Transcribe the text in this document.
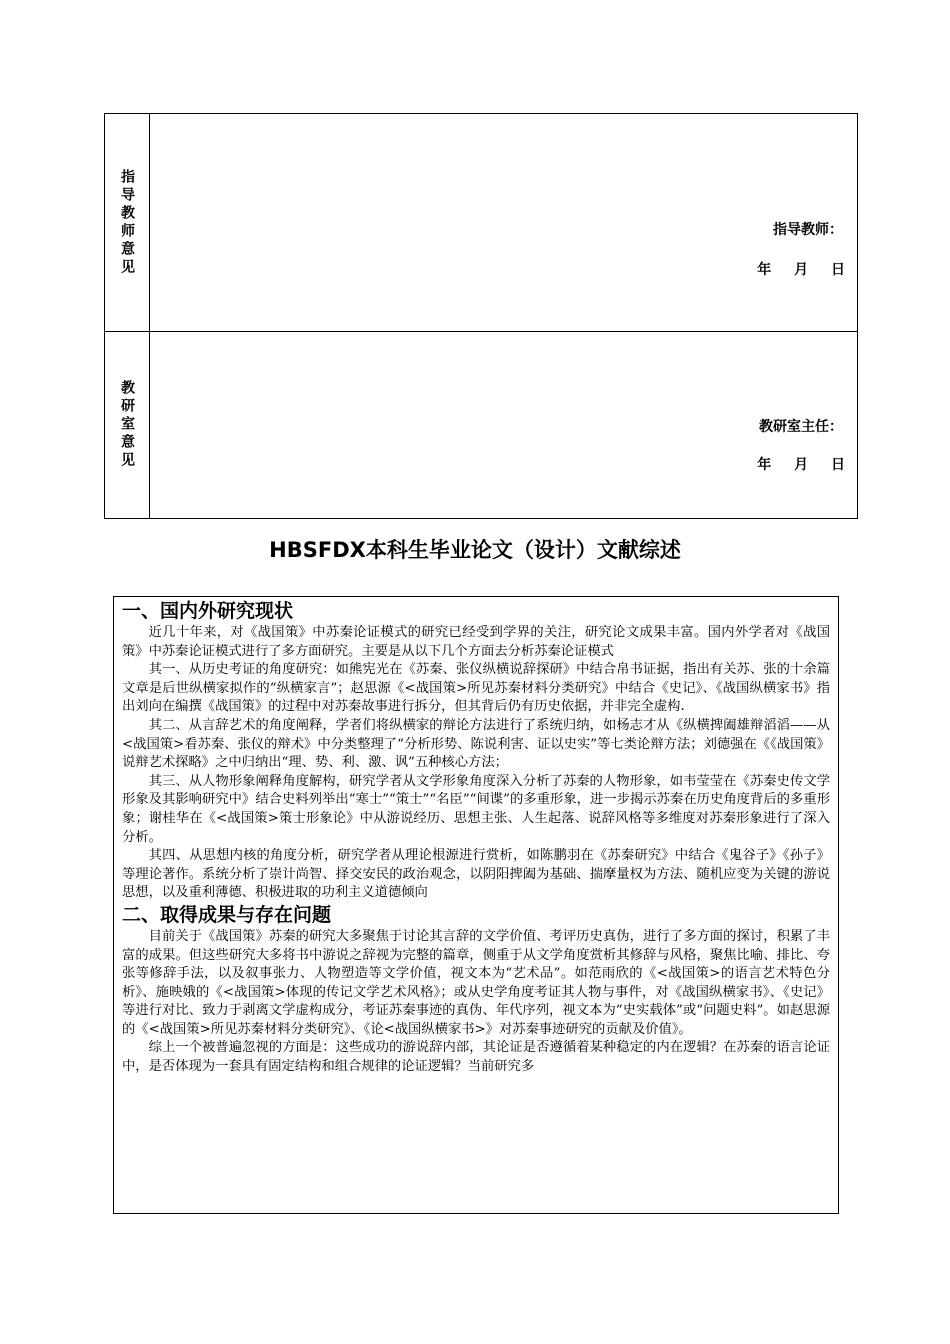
指导教师意见	指导教师：
年 月 日
教研室意见	教研室主任：
年 月 日
HBSFDX本科生毕业论文（设计）文献综述
一、国内外研究现状

近几十年来，对《战国策》中苏秦论证模式的研究已经受到学界的关注，研究论文成果丰富。国内外学者对《战国策》中苏秦论证模式进行了多方面研究。主要是从以下几个方面去分析苏秦论证模式

其一、从历史考证的角度研究：如熊宪光在《苏秦、张仪纵横说辞探研》中结合帛书证据，指出有关苏、张的十余篇文章是后世纵横家拟作的“纵横家言”；赵思源《<战国策>所见苏秦材料分类研究》中结合《史记》、《战国纵横家书》指出刘向在编撰《战国策》的过程中对苏秦故事进行拆分，但其背后仍有历史依据，并非完全虚构.

其二、从言辞艺术的角度阐释，学者们将纵横家的辩论方法进行了系统归纳，如杨志才从《纵横捭阖雄辩滔滔——从<战国策>看苏秦、张仪的辩术》中分类整理了“分析形势、陈说利害、证以史实”等七类论辩方法；刘德强在《《战国策》说辩艺术探略》之中归纳出“理、势、利、激、讽”五种核心方法；

其三、从人物形象阐释角度解构，研究学者从文学形象角度深入分析了苏秦的人物形象，如韦莹莹在《苏秦史传文学形象及其影响研究中》结合史料列举出“寒士”“策士”“名臣”“间谍”的多重形象，进一步揭示苏秦在历史角度背后的多重形象；谢桂华在《<战国策>策士形象论》中从游说经历、思想主张、人生起落、说辞风格等多维度对苏秦形象进行了深入分析。

其四、从思想内核的角度分析，研究学者从理论根源进行赏析，如陈鹏羽在《苏秦研究》中结合《鬼谷子》《孙子》等理论著作。系统分析了崇计尚智、择交安民的政治观念，以阴阳捭阖为基础、揣摩量权为方法、随机应变为关键的游说思想，以及重利薄德、积极进取的功利主义道德倾向

二、取得成果与存在问题

目前关于《战国策》苏秦的研究大多聚焦于讨论其言辞的文学价值、考评历史真伪，进行了多方面的探讨，积累了丰富的成果。但这些研究大多将书中游说之辞视为完整的篇章，侧重于从文学角度赏析其修辞与风格，聚焦比喻、排比、夸张等修辞手法，以及叙事张力、人物塑造等文学价值，视文本为“艺术品”。如范雨欣的《<战国策>的语言艺术特色分析》、施映娥的《<战国策>体现的传记文学艺术风格》；或从史学角度考证其人物与事件，对《战国纵横家书》、《史记》等进行对比、致力于剥离文学虚构成分，考证苏秦事迹的真伪、年代序列，视文本为“史实载体”或“问题史料”。如赵思源的《<战国策>所见苏秦材料分类研究》、《论<战国纵横家书>》对苏秦事迹研究的贡献及价值》。

综上一个被普遍忽视的方面是：这些成功的游说辞内部，其论证是否遵循着某种稳定的内在逻辑？在苏秦的语言论证中，是否体现为一套具有固定结构和组合规律的论证逻辑？当前研究多
